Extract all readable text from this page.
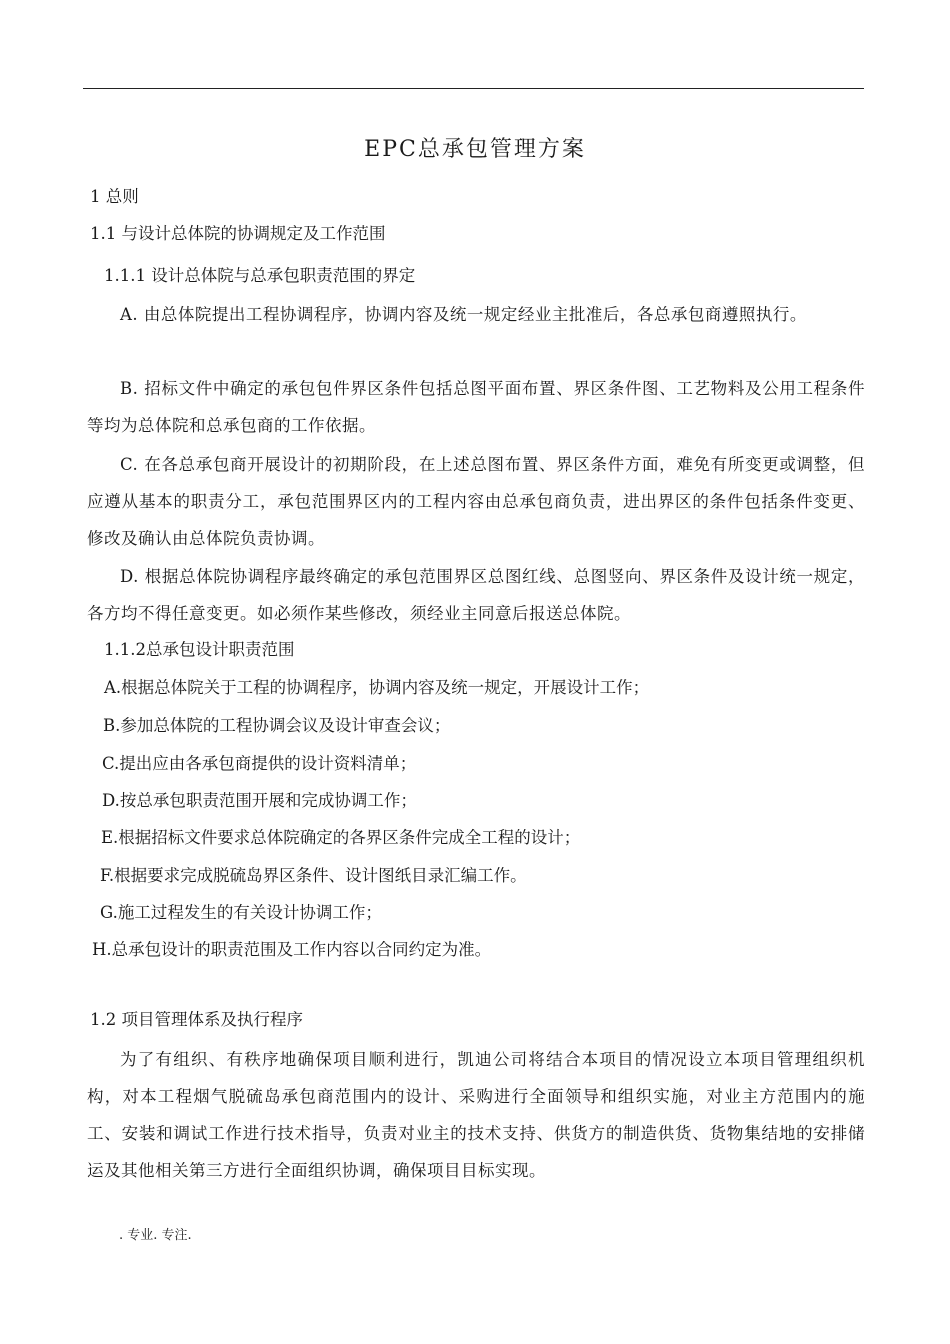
EPC总承包管理方案
1 总则
1.1 与设计总体院的协调规定及工作范围
1.1.1 设计总体院与总承包职责范围的界定
A. 由总体院提出工程协调程序，协调内容及统一规定经业主批准后，各总承包商遵照执行。
B. 招标文件中确定的承包包件界区条件包括总图平面布置、界区条件图、工艺物料及公用工程条件等均为总体院和总承包商的工作依据。
C. 在各总承包商开展设计的初期阶段，在上述总图布置、界区条件方面，难免有所变更或调整，但应遵从基本的职责分工，承包范围界区内的工程内容由总承包商负责，进出界区的条件包括条件变更、修改及确认由总体院负责协调。
D. 根据总体院协调程序最终确定的承包范围界区总图红线、总图竖向、界区条件及设计统一规定，各方均不得任意变更。如必须作某些修改，须经业主同意后报送总体院。
1.1.2总承包设计职责范围
A.根据总体院关于工程的协调程序，协调内容及统一规定，开展设计工作；
B.参加总体院的工程协调会议及设计审查会议；
C.提出应由各承包商提供的设计资料清单；
D.按总承包职责范围开展和完成协调工作；
E.根据招标文件要求总体院确定的各界区条件完成全工程的设计；
F.根据要求完成脱硫岛界区条件、设计图纸目录汇编工作。
G.施工过程发生的有关设计协调工作；
H.总承包设计的职责范围及工作内容以合同约定为准。
1.2 项目管理体系及执行程序
为了有组织、有秩序地确保项目顺利进行，凯迪公司将结合本项目的情况设立本项目管理组织机构，对本工程烟气脱硫岛承包商范围内的设计、采购进行全面领导和组织实施，对业主方范围内的施工、安装和调试工作进行技术指导，负责对业主的技术支持、供货方的制造供货、货物集结地的安排储运及其他相关第三方进行全面组织协调，确保项目目标实现。
. 专业. 专注.
